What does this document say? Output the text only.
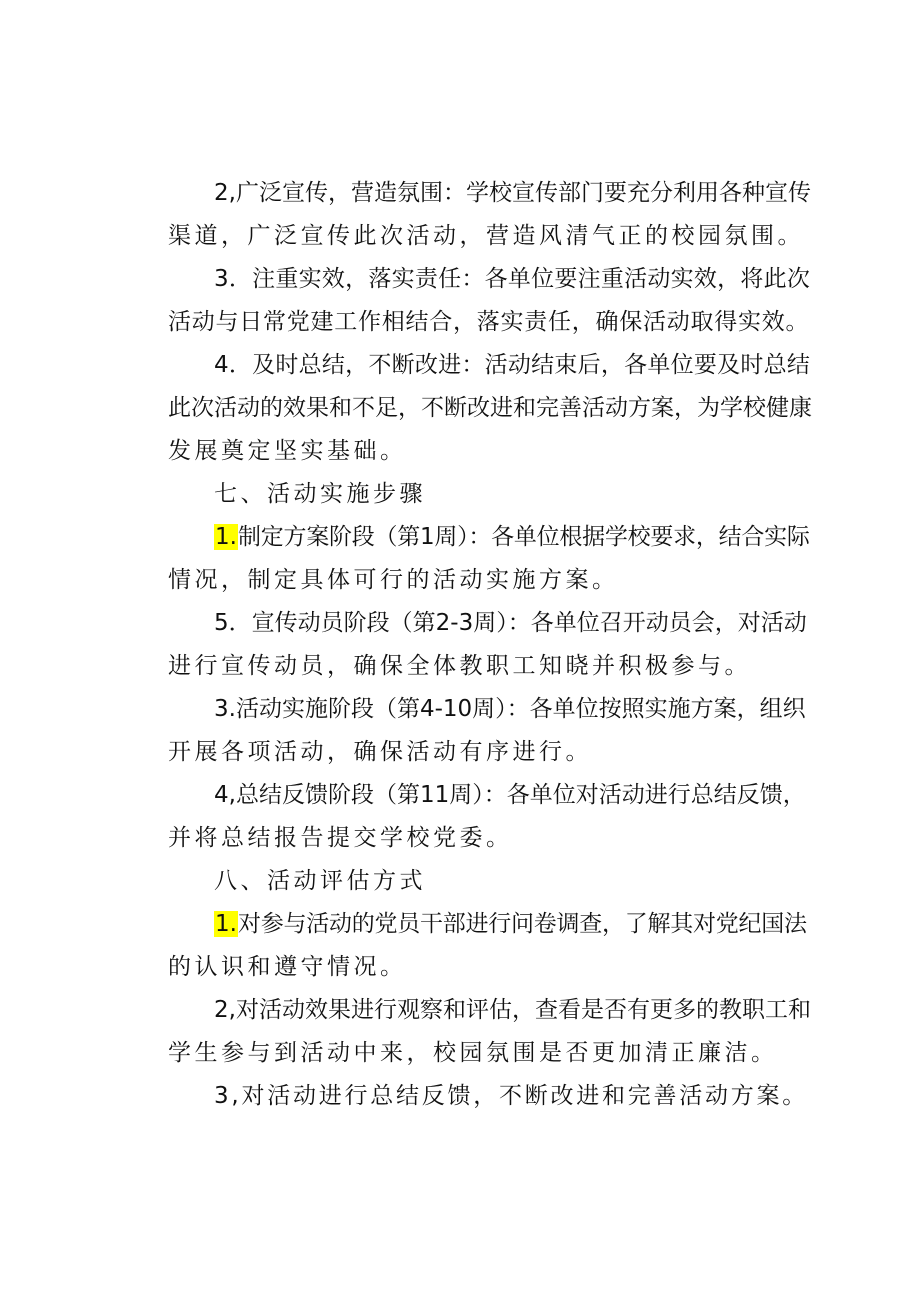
2,广泛宣传，营造氛围：学校宣传部门要充分利用各种宣传
渠道，广泛宣传此次活动，营造风清气正的校园氛围。
3．注重实效，落实责任：各单位要注重活动实效，将此次
活动与日常党建工作相结合，落实责任，确保活动取得实效。
4．及时总结，不断改进：活动结束后，各单位要及时总结
此次活动的效果和不足，不断改进和完善活动方案，为学校健康
发展奠定坚实基础。
七、活动实施步骤
1.制定方案阶段（第1周）：各单位根据学校要求，结合实际
情况，制定具体可行的活动实施方案。
5．宣传动员阶段（第2-3周）：各单位召开动员会，对活动
进行宣传动员，确保全体教职工知晓并积极参与。
3.活动实施阶段（第4-10周）：各单位按照实施方案，组织
开展各项活动，确保活动有序进行。
4,总结反馈阶段（第11周）：各单位对活动进行总结反馈，
并将总结报告提交学校党委。
八、活动评估方式
1.对参与活动的党员干部进行问卷调查，了解其对党纪国法
的认识和遵守情况。
2,对活动效果进行观察和评估，查看是否有更多的教职工和
学生参与到活动中来，校园氛围是否更加清正廉洁。
3,对活动进行总结反馈，不断改进和完善活动方案。
